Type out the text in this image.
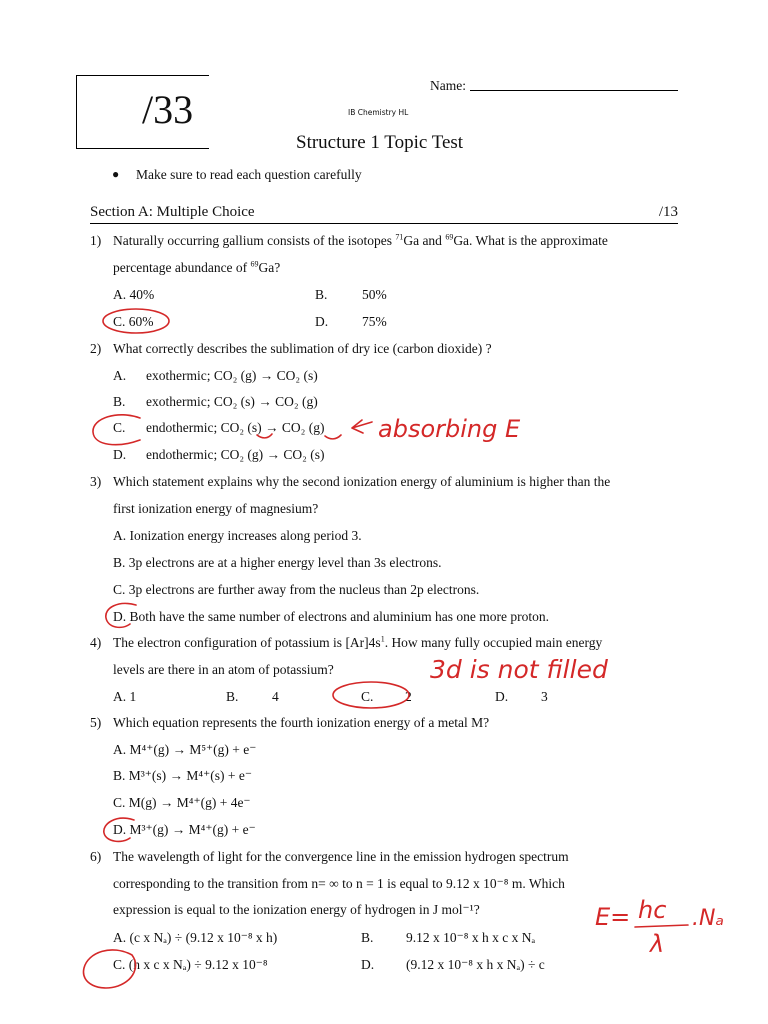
/33
Name:
IB Chemistry HL
Structure 1 Topic Test
● Make sure to read each question carefully
Section A: Multiple Choice	/13
1) Naturally occurring gallium consists of the isotopes $^{71}$Ga and $^{69}$Ga. What is the approximate
percentage abundance of $^{69}$Ga?
A. 40%	B.	50%
C. 60%	D.	75%
2) What correctly describes the sublimation of dry ice (carbon dioxide) ?
A. exothermic; CO₂ (g) → CO₂ (s)
B. exothermic; CO₂ (s) → CO₂ (g)
C. endothermic; CO₂ (s) → CO₂ (g)
D. endothermic; CO₂ (g) → CO₂ (s)
3) Which statement explains why the second ionization energy of aluminium is higher than the
first ionization energy of magnesium?
A. Ionization energy increases along period 3.
B. 3p electrons are at a higher energy level than 3s electrons.
C. 3p electrons are further away from the nucleus than 2p electrons.
D. Both have the same number of electrons and aluminium has one more proton.
4) The electron configuration of potassium is $[Ar]4s^1$. How many fully occupied main energy
levels are there in an atom of potassium?
A. 1	B. 4	C. 2	D. 3
5) Which equation represents the fourth ionization energy of a metal M?
A. M⁴⁺(g) → M⁵⁺(g) + e⁻
B. M³⁺(s) → M⁴⁺(s) + e⁻
C. M(g) → M⁴⁺(g) + 4e⁻
D. M³⁺(g) → M⁴⁺(g) + e⁻
6) The wavelength of light for the convergence line in the emission hydrogen spectrum
corresponding to the transition from n= ∞ to n = 1 is equal to 9.12 x 10⁻⁸ m. Which
expression is equal to the ionization energy of hydrogen in J mol⁻¹?
A. (c x Nₐ) ÷ (9.12 x 10⁻⁸ x h)	B. 9.12 x 10⁻⁸ x h x c x Nₐ
C. (h x c x Nₐ) ÷ 9.12 x 10⁻⁸	D. (9.12 x 10⁻⁸ x h x Nₐ) ÷ c
absorbing E
3d is not filled
E= hc
λ
.Nₐ
